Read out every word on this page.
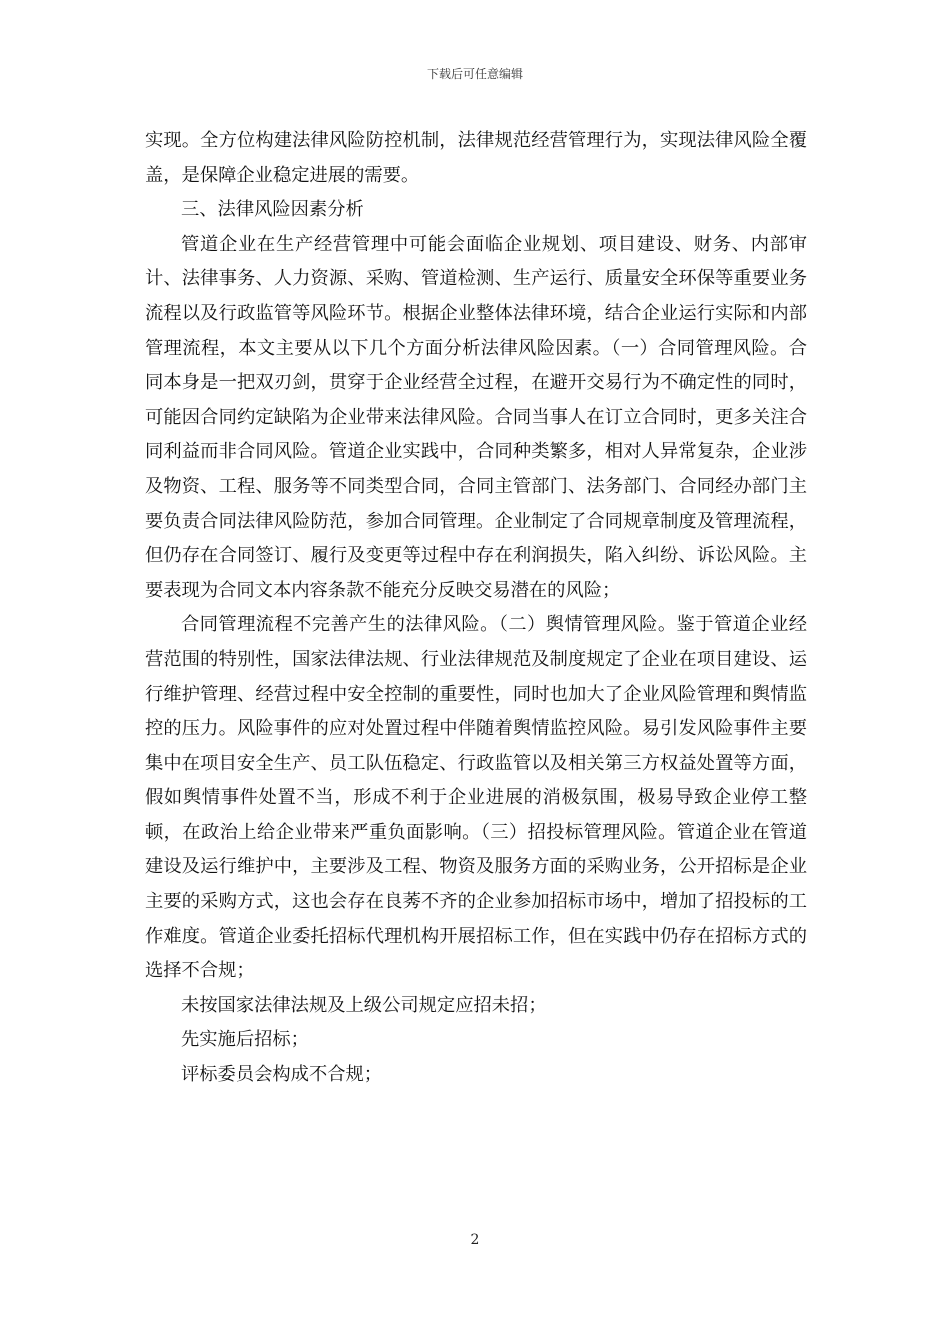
下载后可任意编辑

实现。全方位构建法律风险防控机制，法律规范经营管理行为，实现法律风险全覆盖，是保障企业稳定进展的需要。

三、法律风险因素分析

管道企业在生产经营管理中可能会面临企业规划、项目建设、财务、内部审计、法律事务、人力资源、采购、管道检测、生产运行、质量安全环保等重要业务流程以及行政监管等风险环节。根据企业整体法律环境，结合企业运行实际和内部管理流程，本文主要从以下几个方面分析法律风险因素。（一）合同管理风险。合同本身是一把双刃剑，贯穿于企业经营全过程，在避开交易行为不确定性的同时，可能因合同约定缺陷为企业带来法律风险。合同当事人在订立合同时，更多关注合同利益而非合同风险。管道企业实践中，合同种类繁多，相对人异常复杂，企业涉及物资、工程、服务等不同类型合同，合同主管部门、法务部门、合同经办部门主要负责合同法律风险防范，参加合同管理。企业制定了合同规章制度及管理流程，但仍存在合同签订、履行及变更等过程中存在利润损失，陷入纠纷、诉讼风险。主要表现为合同文本内容条款不能充分反映交易潜在的风险；

合同管理流程不完善产生的法律风险。（二）舆情管理风险。鉴于管道企业经营范围的特别性，国家法律法规、行业法律规范及制度规定了企业在项目建设、运行维护管理、经营过程中安全控制的重要性，同时也加大了企业风险管理和舆情监控的压力。风险事件的应对处置过程中伴随着舆情监控风险。易引发风险事件主要集中在项目安全生产、员工队伍稳定、行政监管以及相关第三方权益处置等方面，假如舆情事件处置不当，形成不利于企业进展的消极氛围，极易导致企业停工整顿，在政治上给企业带来严重负面影响。（三）招投标管理风险。管道企业在管道建设及运行维护中，主要涉及工程、物资及服务方面的采购业务，公开招标是企业主要的采购方式，这也会存在良莠不齐的企业参加招标市场中，增加了招投标的工作难度。管道企业委托招标代理机构开展招标工作，但在实践中仍存在招标方式的选择不合规；

未按国家法律法规及上级公司规定应招未招；

先实施后招标；

评标委员会构成不合规；

2
